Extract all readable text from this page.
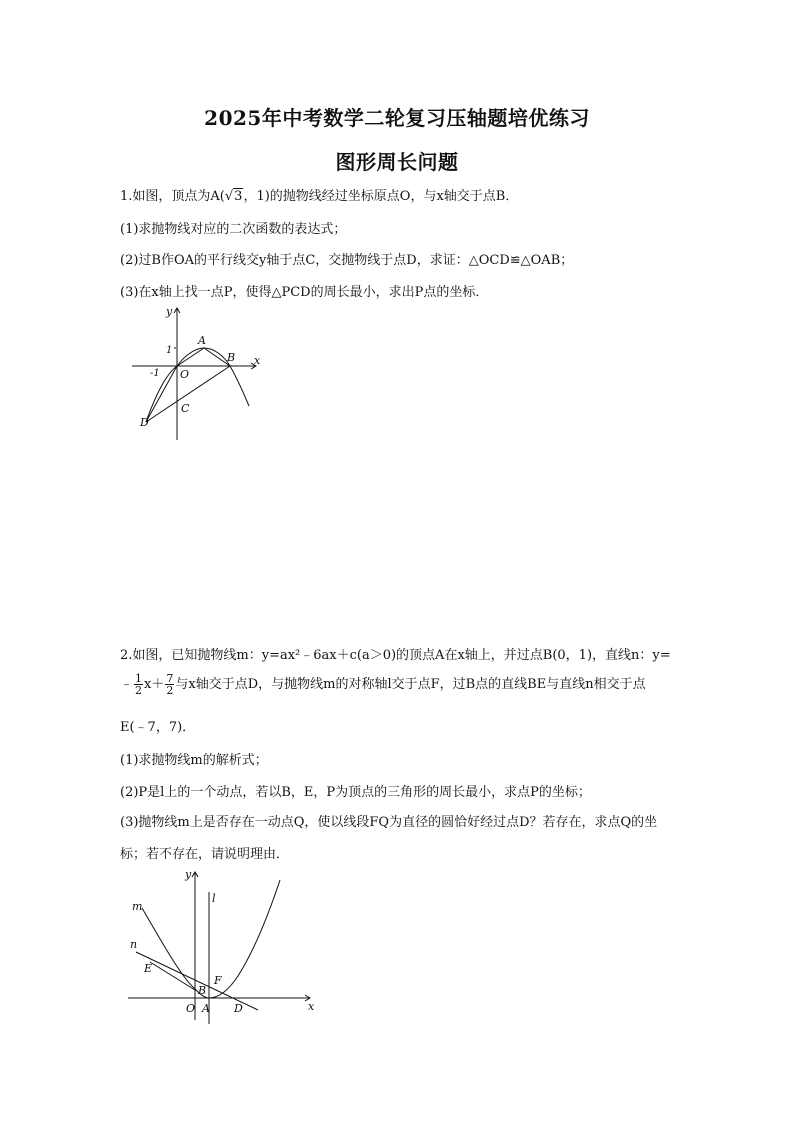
2025年中考数学二轮复习压轴题培优练习
图形周长问题
1.如图，顶点为A(√3，1)的抛物线经过坐标原点O，与x轴交于点B．
(1)求抛物线对应的二次函数的表达式；
(2)过B作OA的平行线交y轴于点C，交抛物线于点D，求证：△OCD≌△OAB；
(3)在x轴上找一点P，使得△PCD的周长最小，求出P点的坐标．
y
x
1
-1 O
A
B
C
D
2.如图，已知抛物线m：y=ax²﹣6ax＋c(a＞0)的顶点A在x轴上，并过点B(0，1)，直线n：y=
﹣ $\frac{1}{2} x+ \frac{7}{2}$ 与x轴交于点D，与抛物线m的对称轴l交于点F，过B点的直线BE与直线n相交于点
E(﹣7，7)．
(1)求抛物线m的解析式；
(2)P是l上的一个动点，若以B，E，P为顶点的三角形的周长最小，求点P的坐标；
(3)抛物线m上是否存在一动点Q，使以线段FQ为直径的圆恰好经过点D？若存在，求点Q的坐
标；若不存在，请说明理由．
y
x
m
n
l
E
F
B
O A D
